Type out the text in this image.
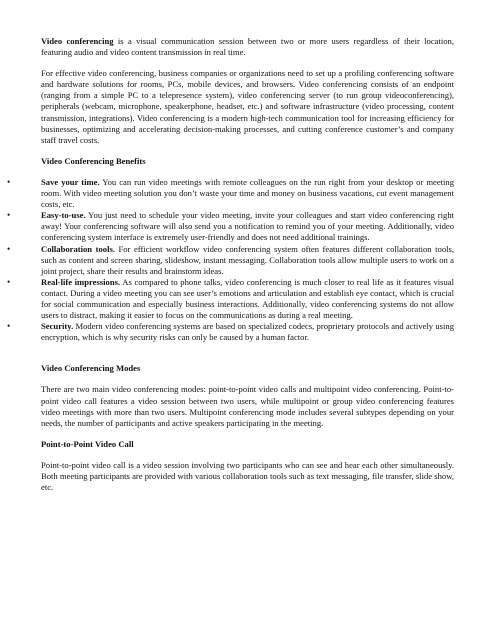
Video conferencing is a visual communication session between two or more users regardless of their location, featuring audio and video content transmission in real time.

For effective video conferencing, business companies or organizations need to set up a profiling conferencing software and hardware solutions for rooms, PCs, mobile devices, and browsers. Video conferencing consists of an endpoint (ranging from a simple PC to a telepresence system), video conferencing server (to run group videoconferencing), peripherals (webcam, microphone, speakerphone, headset, etc.) and software infrastructure (video processing, content transmission, integrations). Video conferencing is a modern high-tech communication tool for increasing efficiency for businesses, optimizing and accelerating decision-making processes, and cutting conference customer’s and company staff travel costs.

Video Conferencing Benefits
•	Save your time. You can run video meetings with remote colleagues on the run right from your desktop or meeting room. With video meeting solution you don’t waste your time and money on business vacations, cut event management costs, etc.
•	Easy-to-use. You just need to schedule your video meeting, invite your colleagues and start video conferencing right away! Your conferencing software will also send you a notification to remind you of your meeting. Additionally, video conferencing system interface is extremely user-friendly and does not need additional trainings.
•	Collaboration tools. For efficient workflow video conferencing system often features different collaboration tools, such as content and screen sharing, slideshow, instant messaging. Collaboration tools allow multiple users to work on a joint project, share their results and brainstorm ideas.
•	Real-life impressions. As compared to phone talks, video conferencing is much closer to real life as it features visual contact. During a video meeting you can see user’s emotions and articulation and establish eye contact, which is crucial for social communication and especially business interactions. Additionally, video conferencing systems do not allow users to distract, making it easier to focus on the communications as during a real meeting.
•	Security. Modern video conferencing systems are based on specialized codecs, proprietary protocols and actively using encryption, which is why security risks can only be caused by a human factor.
Video Conferencing Modes

There are two main video conferencing modes: point-to-point video calls and multipoint video conferencing. Point-to-point video call features a video session between two users, while multipoint or group video conferencing features video meetings with more than two users. Multipoint conferencing mode includes several subtypes depending on your needs, the number of participants and active speakers participating in the meeting.

Point-to-Point Video Call

Point-to-point video call is a video session involving two participants who can see and hear each other simultaneously. Both meeting participants are provided with various collaboration tools such as text messaging, file transfer, slide show, etc.
